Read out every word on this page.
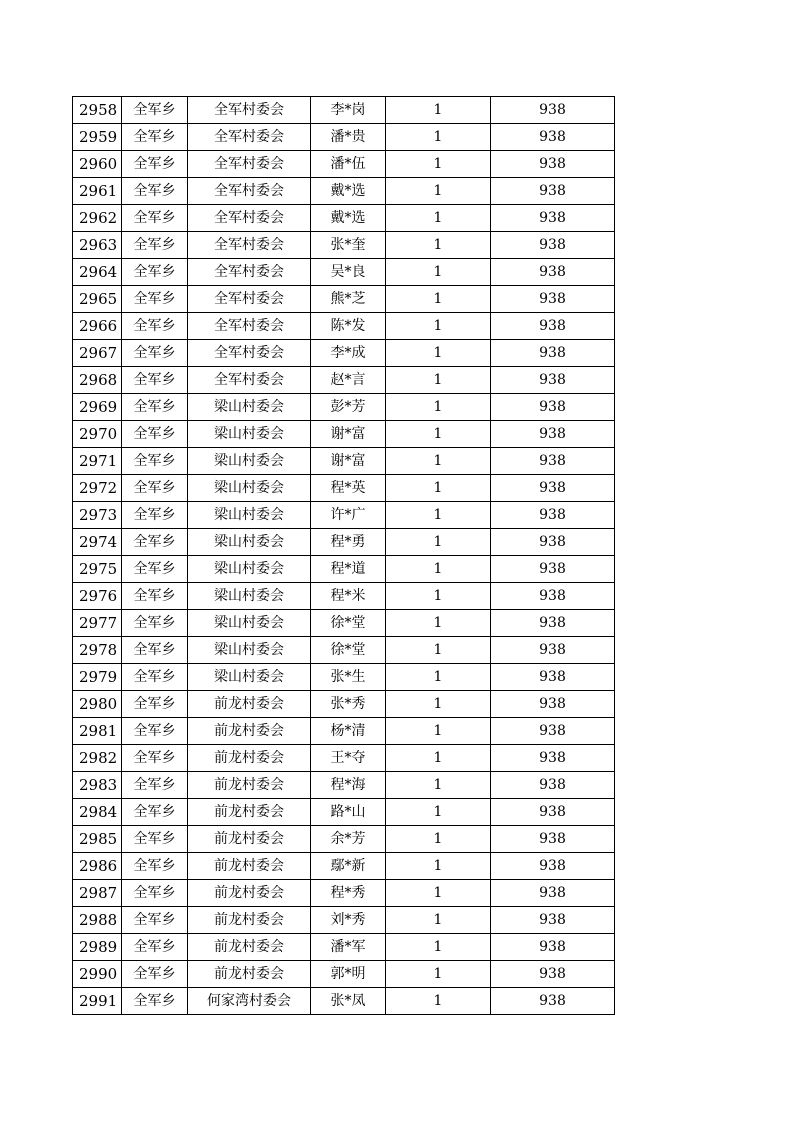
2958	全军乡	全军村委会	李*岗	1	938
2959	全军乡	全军村委会	潘*贵	1	938
2960	全军乡	全军村委会	潘*伍	1	938
2961	全军乡	全军村委会	戴*选	1	938
2962	全军乡	全军村委会	戴*选	1	938
2963	全军乡	全军村委会	张*奎	1	938
2964	全军乡	全军村委会	吴*良	1	938
2965	全军乡	全军村委会	熊*芝	1	938
2966	全军乡	全军村委会	陈*发	1	938
2967	全军乡	全军村委会	李*成	1	938
2968	全军乡	全军村委会	赵*言	1	938
2969	全军乡	梁山村委会	彭*芳	1	938
2970	全军乡	梁山村委会	谢*富	1	938
2971	全军乡	梁山村委会	谢*富	1	938
2972	全军乡	梁山村委会	程*英	1	938
2973	全军乡	梁山村委会	许*广	1	938
2974	全军乡	梁山村委会	程*勇	1	938
2975	全军乡	梁山村委会	程*道	1	938
2976	全军乡	梁山村委会	程*米	1	938
2977	全军乡	梁山村委会	徐*堂	1	938
2978	全军乡	梁山村委会	徐*堂	1	938
2979	全军乡	梁山村委会	张*生	1	938
2980	全军乡	前龙村委会	张*秀	1	938
2981	全军乡	前龙村委会	杨*清	1	938
2982	全军乡	前龙村委会	王*夺	1	938
2983	全军乡	前龙村委会	程*海	1	938
2984	全军乡	前龙村委会	路*山	1	938
2985	全军乡	前龙村委会	余*芳	1	938
2986	全军乡	前龙村委会	鄢*新	1	938
2987	全军乡	前龙村委会	程*秀	1	938
2988	全军乡	前龙村委会	刘*秀	1	938
2989	全军乡	前龙村委会	潘*军	1	938
2990	全军乡	前龙村委会	郭*明	1	938
2991	全军乡	何家湾村委会	张*凤	1	938
